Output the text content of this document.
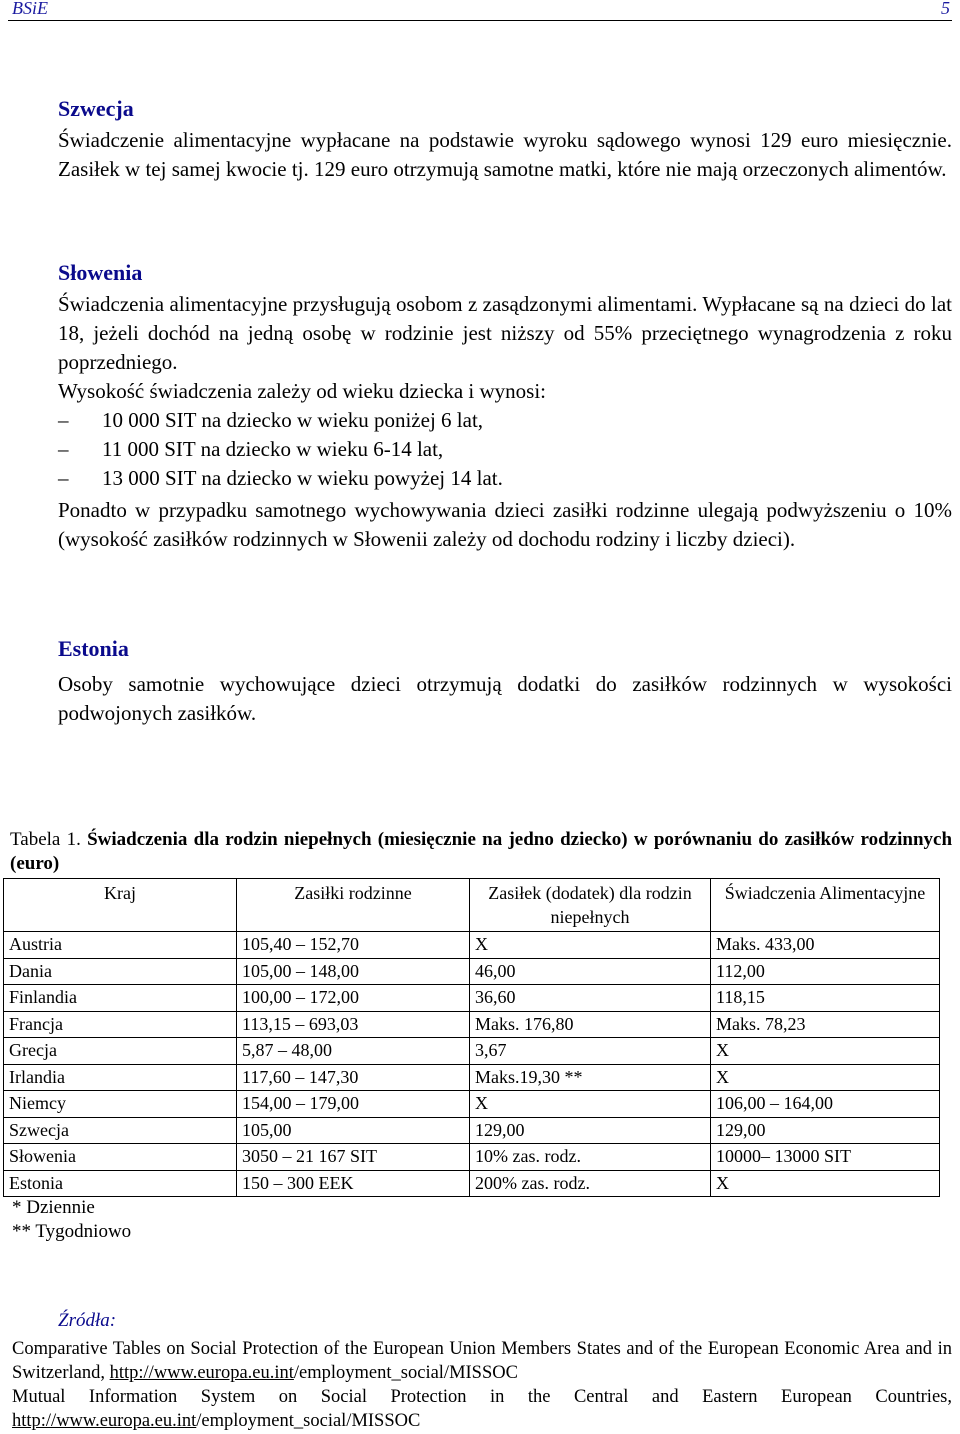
BSiE	5
Szwecja
Świadczenie alimentacyjne wypłacane na podstawie wyroku sądowego wynosi 129 euro miesięcznie. Zasiłek w tej samej kwocie tj. 129 euro otrzymują samotne matki, które nie mają orzeczonych alimentów.
Słowenia
Świadczenia alimentacyjne przysługują osobom z zasądzonymi alimentami. Wypłacane są na dzieci do lat 18, jeżeli dochód na jedną osobę w rodzinie jest niższy od 55% przeciętnego wynagrodzenia z roku poprzedniego.
Wysokość świadczenia zależy od wieku dziecka i wynosi:
– 10 000 SIT na dziecko w wieku poniżej 6 lat,
– 11 000 SIT na dziecko w wieku 6-14 lat,
– 13 000 SIT na dziecko w wieku powyżej 14 lat.
Ponadto w przypadku samotnego wychowywania dzieci zasiłki rodzinne ulegają podwyższeniu o 10% (wysokość zasiłków rodzinnych w Słowenii zależy od dochodu rodziny i liczby dzieci).
Estonia
Osoby samotnie wychowujące dzieci otrzymują dodatki do zasiłków rodzinnych w wysokości podwojonych zasiłków.
Tabela 1. Świadczenia dla rodzin niepełnych (miesięcznie na jedno dziecko) w porównaniu do zasiłków rodzinnych (euro)
Kraj	Zasiłki rodzinne	Zasiłek (dodatek) dla rodzin niepełnych	Świadczenia Alimentacyjne
Austria	105,40 – 152,70	X	Maks. 433,00
Dania	105,00 – 148,00	46,00	112,00
Finlandia	100,00 – 172,00	36,60	118,15
Francja	113,15 – 693,03	Maks. 176,80	Maks. 78,23
Grecja	5,87 – 48,00	3,67	X
Irlandia	117,60 – 147,30	Maks.19,30 **	X
Niemcy	154,00 – 179,00	X	106,00 – 164,00
Szwecja	105,00	129,00	129,00
Słowenia	3050 – 21 167 SIT	10% zas. rodz.	10000– 13000 SIT
Estonia	150 – 300 EEK	200% zas. rodz.	X
* Dziennie
** Tygodniowo
Źródła:
Comparative Tables on Social Protection of the European Union Members States and of the European Economic Area and in Switzerland, http://www.europa.eu.int/employment_social/MISSOC
Mutual Information System on Social Protection in the Central and Eastern European Countries, http://www.europa.eu.int/employment_social/MISSOC
